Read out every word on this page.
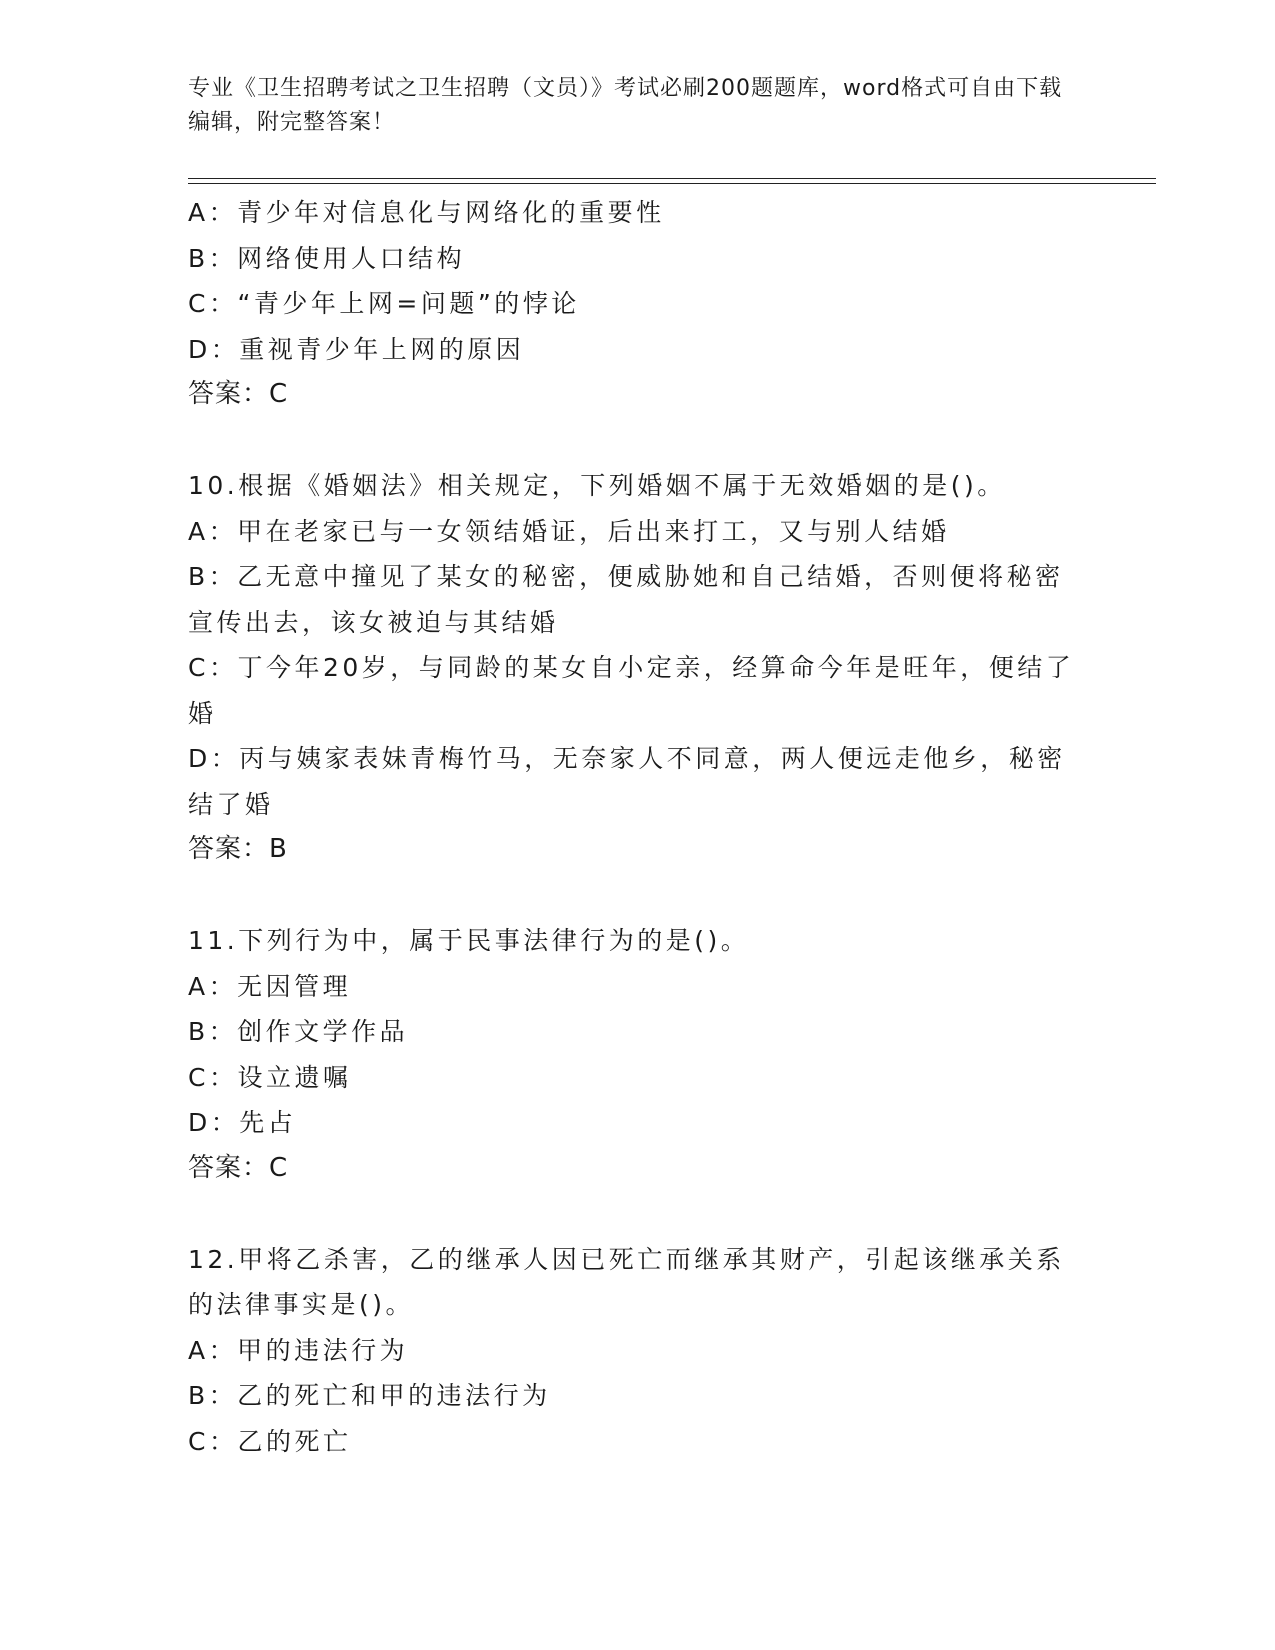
专业《卫生招聘考试之卫生招聘（文员）》考试必刷200题题库，word格式可自由下载编辑，附完整答案！
A：青少年对信息化与网络化的重要性
B：网络使用人口结构
C：“青少年上网=问题”的悖论
D：重视青少年上网的原因
答案：C
10.根据《婚姻法》相关规定，下列婚姻不属于无效婚姻的是()。
A：甲在老家已与一女领结婚证，后出来打工，又与别人结婚
B：乙无意中撞见了某女的秘密，便威胁她和自己结婚，否则便将秘密宣传出去，该女被迫与其结婚
C：丁今年20岁，与同龄的某女自小定亲，经算命今年是旺年，便结了婚
D：丙与姨家表妹青梅竹马，无奈家人不同意，两人便远走他乡，秘密结了婚
答案：B
11.下列行为中，属于民事法律行为的是()。
A：无因管理
B：创作文学作品
C：设立遗嘱
D：先占
答案：C
12.甲将乙杀害，乙的继承人因已死亡而继承其财产，引起该继承关系的法律事实是()。
A：甲的违法行为
B：乙的死亡和甲的违法行为
C：乙的死亡
